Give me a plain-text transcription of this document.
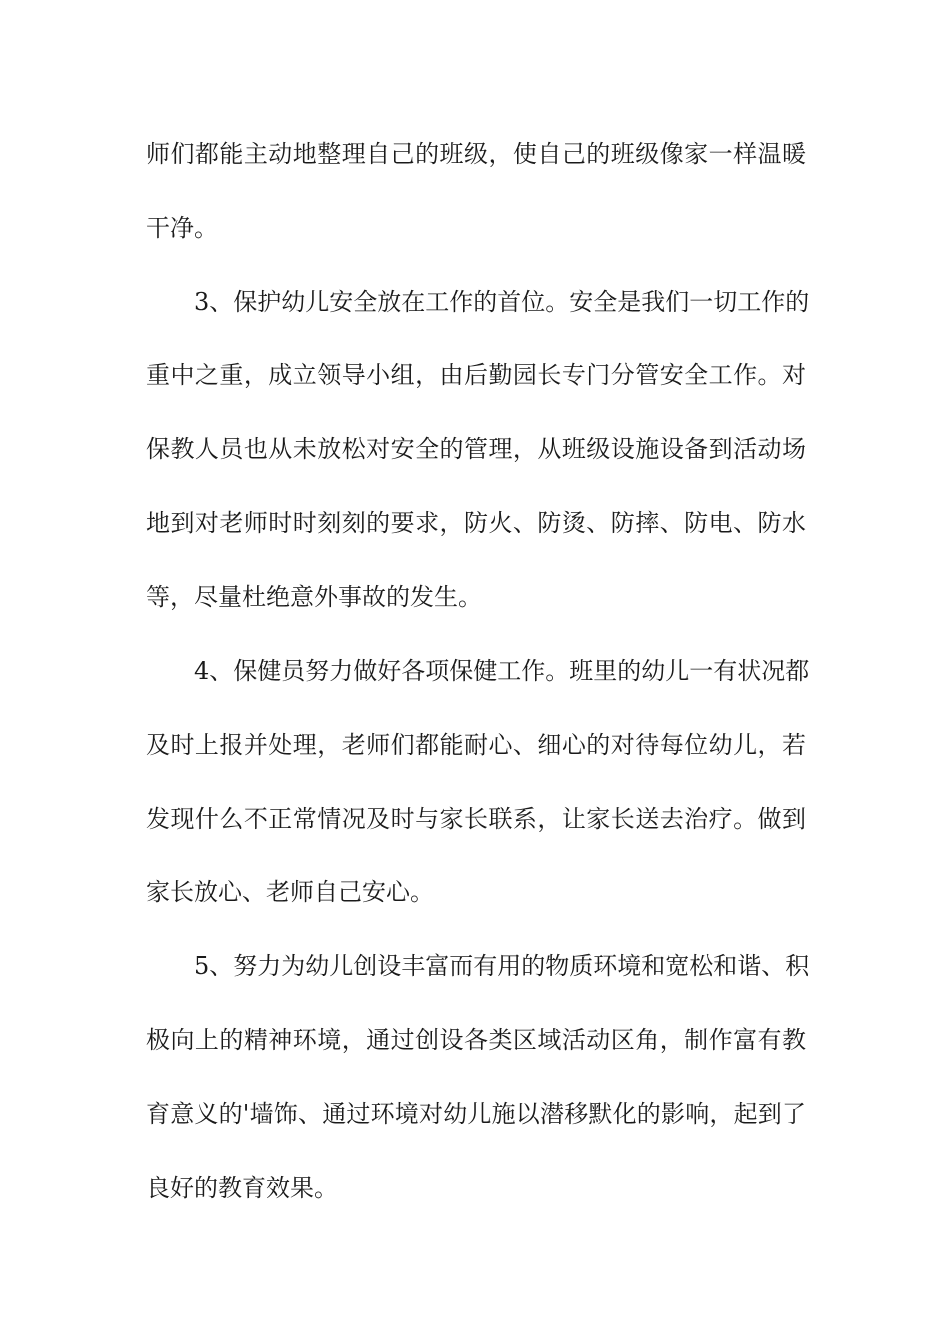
师们都能主动地整理自己的班级，使自己的班级像家一样温暖
干净。
3、保护幼儿安全放在工作的首位。安全是我们一切工作的
重中之重，成立领导小组，由后勤园长专门分管安全工作。对
保教人员也从未放松对安全的管理，从班级设施设备到活动场
地到对老师时时刻刻的要求，防火、防烫、防摔、防电、防水
等，尽量杜绝意外事故的发生。
4、保健员努力做好各项保健工作。班里的幼儿一有状况都
及时上报并处理，老师们都能耐心、细心的对待每位幼儿，若
发现什么不正常情况及时与家长联系，让家长送去治疗。做到
家长放心、老师自己安心。
5、努力为幼儿创设丰富而有用的物质环境和宽松和谐、积
极向上的精神环境，通过创设各类区域活动区角，制作富有教
育意义的'墙饰、通过环境对幼儿施以潜移默化的影响，起到了
良好的教育效果。
